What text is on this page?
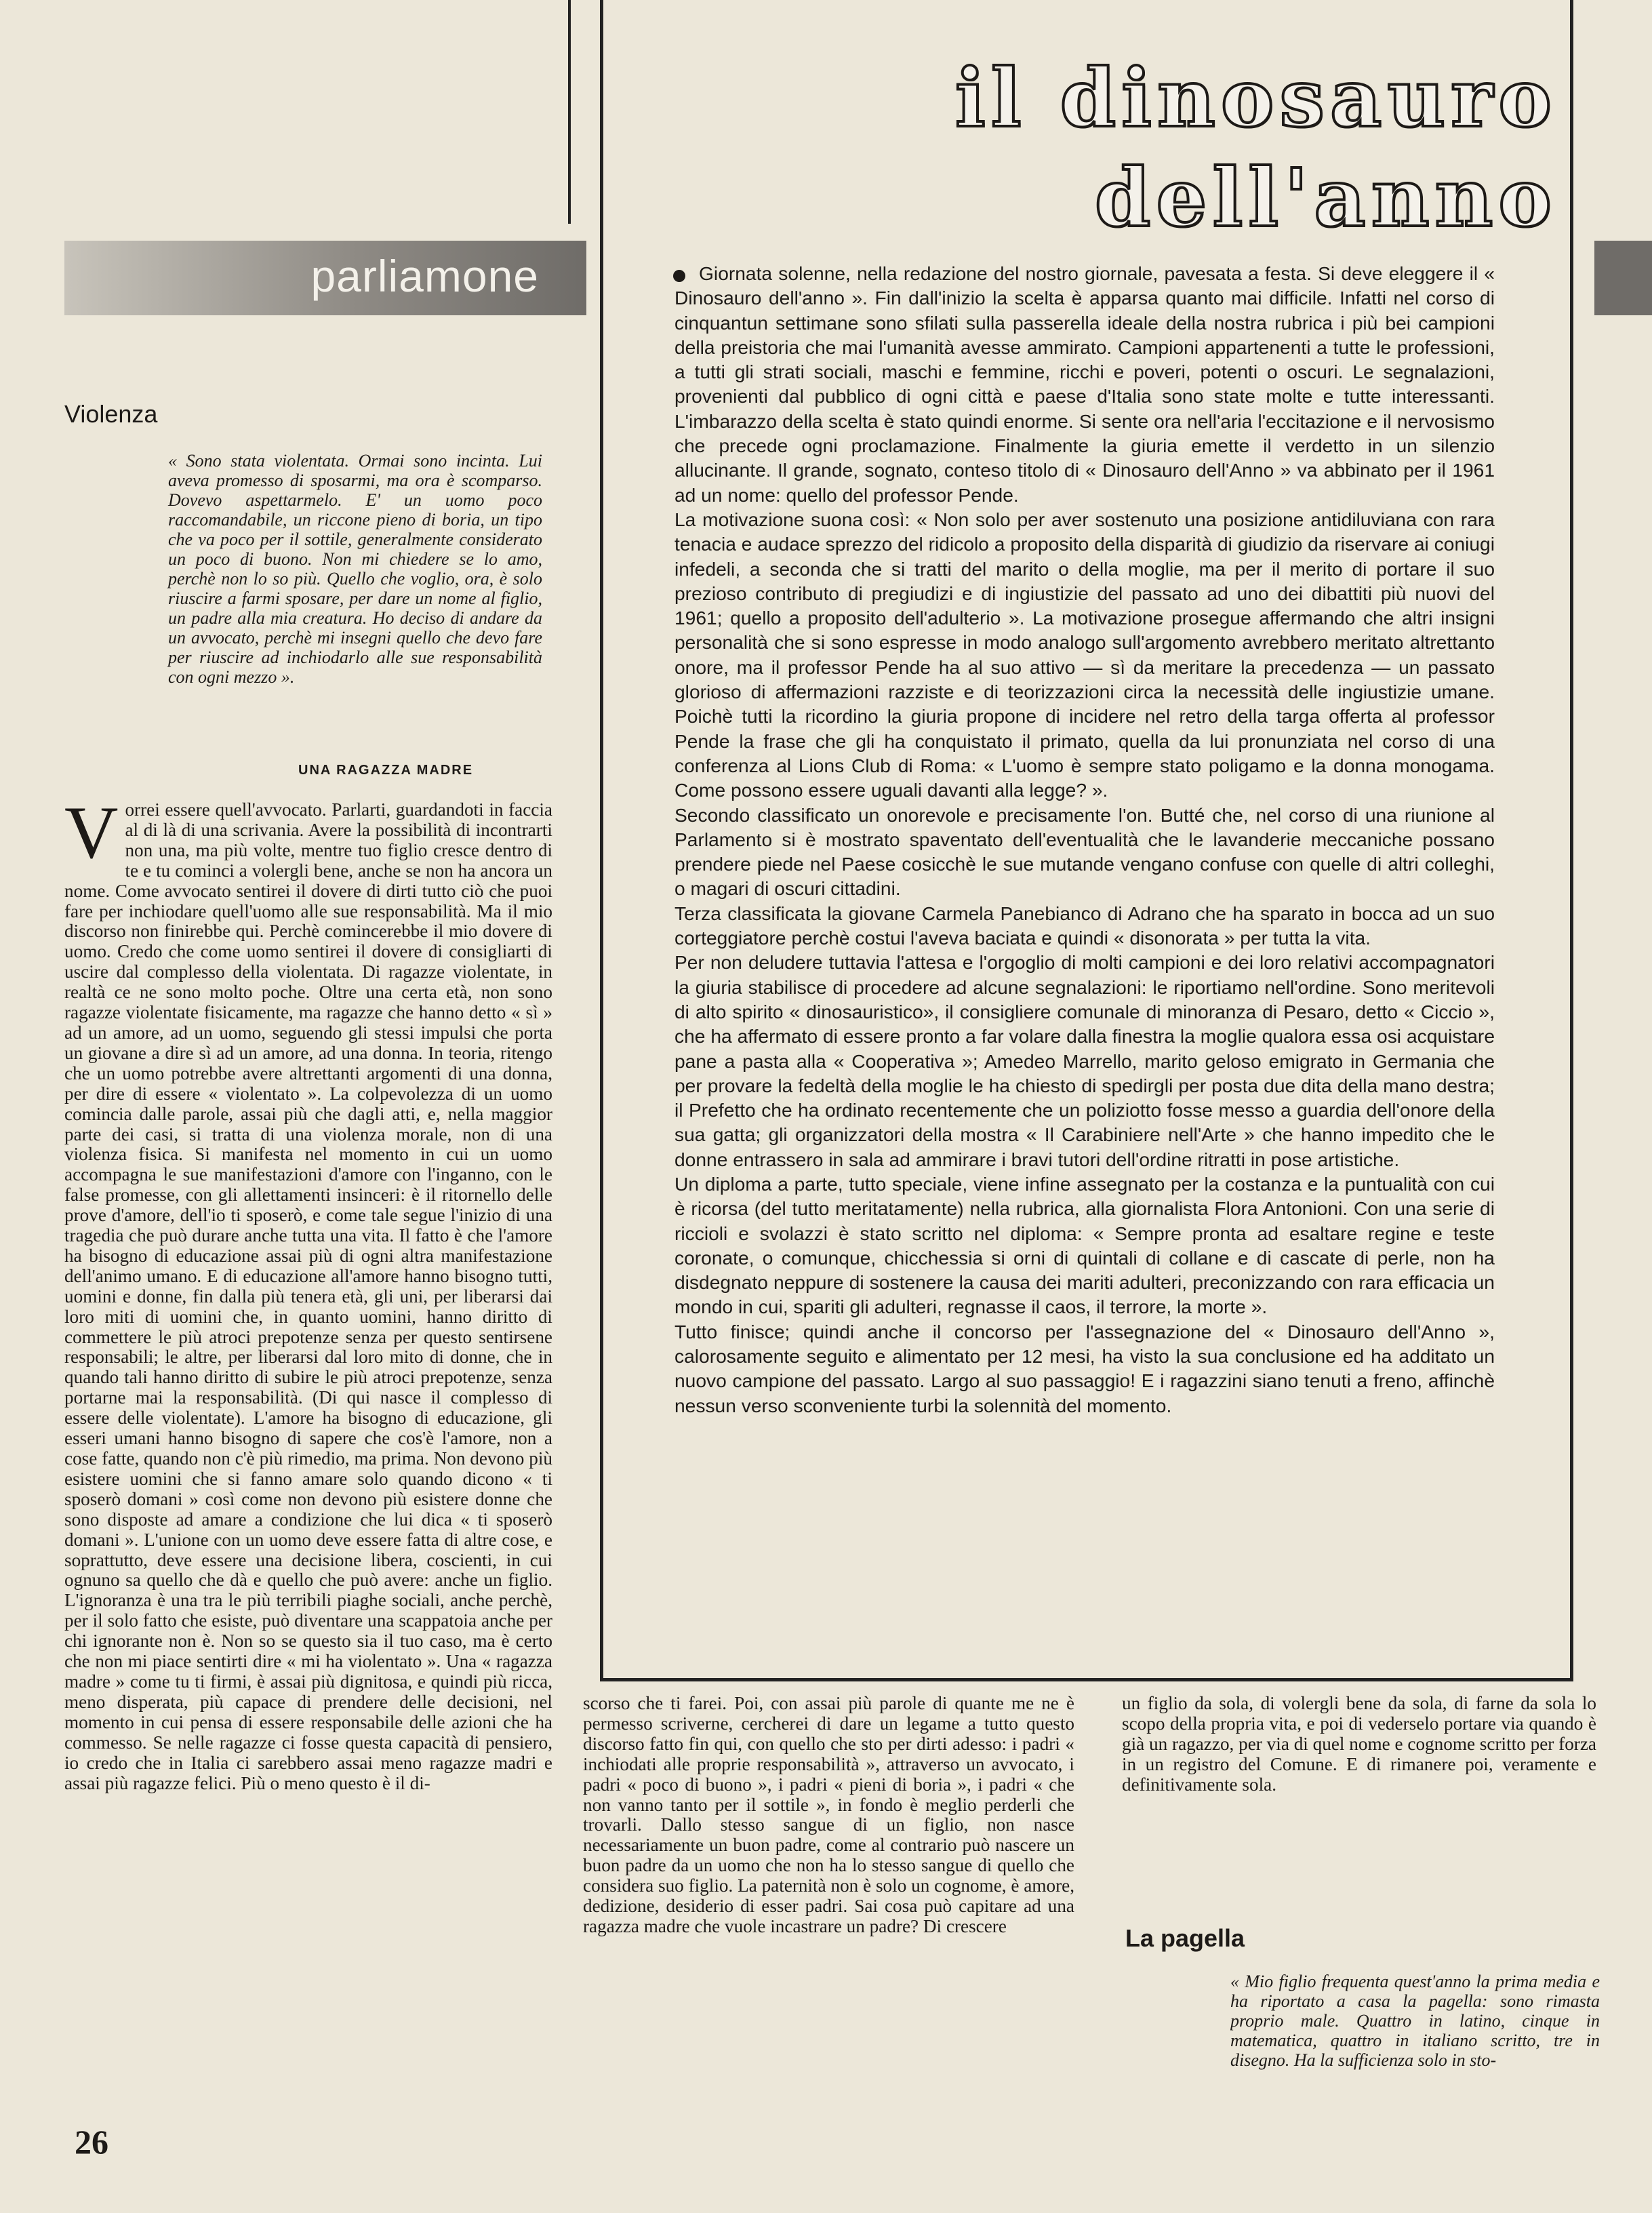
parliamone
Violenza

« Sono stata violentata. Ormai sono incinta. Lui aveva promesso di sposarmi, ma ora è scomparso. Dovevo aspettarmelo. E' un uomo poco raccomandabile, un riccone pieno di boria, un tipo che va poco per il sottile, generalmente considerato un poco di buono. Non mi chiedere se lo amo, perchè non lo so più. Quello che voglio, ora, è solo riuscire a farmi sposare, per dare un nome al figlio, un padre alla mia creatura. Ho deciso di andare da un avvocato, perchè mi insegni quello che devo fare per riuscire ad inchiodarlo alle sue responsabilità con ogni mezzo ».

UNA RAGAZZA MADRE

Vorrei essere quell'avvocato. Parlarti, guardandoti in faccia al di là di una scrivania. Avere la possibilità di incontrarti non una, ma più volte, mentre tuo figlio cresce dentro di te e tu cominci a volergli bene, anche se non ha ancora un nome. Come avvocato sentirei il dovere di dirti tutto ciò che puoi fare per inchiodare quell'uomo alle sue responsabilità. Ma il mio discorso non finirebbe qui. Perchè comincerebbe il mio dovere di uomo. Credo che come uomo sentirei il dovere di consigliarti di uscire dal complesso della violentata. Di ragazze violentate, in realtà ce ne sono molto poche. Oltre una certa età, non sono ragazze violentate fisicamente, ma ragazze che hanno detto « sì » ad un amore, ad un uomo, seguendo gli stessi impulsi che porta un giovane a dire sì ad un amore, ad una donna. In teoria, ritengo che un uomo potrebbe avere altrettanti argomenti di una donna, per dire di essere « violentato ». La colpevolezza di un uomo comincia dalle parole, assai più che dagli atti, e, nella maggior parte dei casi, si tratta di una violenza morale, non di una violenza fisica. Si manifesta nel momento in cui un uomo accompagna le sue manifestazioni d'amore con l'inganno, con le false promesse, con gli allettamenti insinceri: è il ritornello delle prove d'amore, dell'io ti sposerò, e come tale segue l'inizio di una tragedia che può durare anche tutta una vita. Il fatto è che l'amore ha bisogno di educazione assai più di ogni altra manifestazione dell'animo umano. E di educazione all'amore hanno bisogno tutti, uomini e donne, fin dalla più tenera età, gli uni, per liberarsi dai loro miti di uomini che, in quanto uomini, hanno diritto di commettere le più atroci prepotenze senza per questo sentirsene responsabili; le altre, per liberarsi dal loro mito di donne, che in quando tali hanno diritto di subire le più atroci prepotenze, senza portarne mai la responsabilità. (Di qui nasce il complesso di essere delle violentate). L'amore ha bisogno di educazione, gli esseri umani hanno bisogno di sapere che cos'è l'amore, non a cose fatte, quando non c'è più rimedio, ma prima. Non devono più esistere uomini che si fanno amare solo quando dicono « ti sposerò domani » così come non devono più esistere donne che sono disposte ad amare a condizione che lui dica « ti sposerò domani ». L'unione con un uomo deve essere fatta di altre cose, e soprattutto, deve essere una decisione libera, coscienti, in cui ognuno sa quello che dà e quello che può avere: anche un figlio. L'ignoranza è una tra le più terribili piaghe sociali, anche perchè, per il solo fatto che esiste, può diventare una scappatoia anche per chi ignorante non è. Non so se questo sia il tuo caso, ma è certo che non mi piace sentirti dire « mi ha violentato ». Una « ragazza madre » come tu ti firmi, è assai più dignitosa, e quindi più ricca, meno disperata, più capace di prendere delle decisioni, nel momento in cui pensa di essere responsabile delle azioni che ha commesso. Se nelle ragazze ci fosse questa capacità di pensiero, io credo che in Italia ci sarebbero assai meno ragazze madri e assai più ragazze felici. Più o meno questo è il di-

26
il dinosauro
dell'anno

Giornata solenne, nella redazione del nostro giornale, pavesata a festa. Si deve eleggere il « Dinosauro dell'anno ». Fin dall'inizio la scelta è apparsa quanto mai difficile. Infatti nel corso di cinquantun settimane sono sfilati sulla passerella ideale della nostra rubrica i più bei campioni della preistoria che mai l'umanità avesse ammirato. Campioni appartenenti a tutte le professioni, a tutti gli strati sociali, maschi e femmine, ricchi e poveri, potenti o oscuri. Le segnalazioni, provenienti dal pubblico di ogni città e paese d'Italia sono state molte e tutte interessanti. L'imbarazzo della scelta è stato quindi enorme. Si sente ora nell'aria l'eccitazione e il nervosismo che precede ogni proclamazione. Finalmente la giuria emette il verdetto in un silenzio allucinante. Il grande, sognato, conteso titolo di « Dinosauro dell'Anno » va abbinato per il 1961 ad un nome: quello del professor Pende.

La motivazione suona così: « Non solo per aver sostenuto una posizione antidiluviana con rara tenacia e audace sprezzo del ridicolo a proposito della disparità di giudizio da riservare ai coniugi infedeli, a seconda che si tratti del marito o della moglie, ma per il merito di portare il suo prezioso contributo di pregiudizi e di ingiustizie del passato ad uno dei dibattiti più nuovi del 1961; quello a proposito dell'adulterio ». La motivazione prosegue affermando che altri insigni personalità che si sono espresse in modo analogo sull'argomento avrebbero meritato altrettanto onore, ma il professor Pende ha al suo attivo — sì da meritare la precedenza — un passato glorioso di affermazioni razziste e di teorizzazioni circa la necessità delle ingiustizie umane. Poichè tutti la ricordino la giuria propone di incidere nel retro della targa offerta al professor Pende la frase che gli ha conquistato il primato, quella da lui pronunziata nel corso di una conferenza al Lions Club di Roma: « L'uomo è sempre stato poligamo e la donna monogama. Come possono essere uguali davanti alla legge? ».

Secondo classificato un onorevole e precisamente l'on. Butté che, nel corso di una riunione al Parlamento si è mostrato spaventato dell'eventualità che le lavanderie meccaniche possano prendere piede nel Paese cosicchè le sue mutande vengano confuse con quelle di altri colleghi, o magari di oscuri cittadini.

Terza classificata la giovane Carmela Panebianco di Adrano che ha sparato in bocca ad un suo corteggiatore perchè costui l'aveva baciata e quindi « disonorata » per tutta la vita.

Per non deludere tuttavia l'attesa e l'orgoglio di molti campioni e dei loro relativi accompagnatori la giuria stabilisce di procedere ad alcune segnalazioni: le riportiamo nell'ordine. Sono meritevoli di alto spirito « dinosauristico», il consigliere comunale di minoranza di Pesaro, detto « Ciccio », che ha affermato di essere pronto a far volare dalla finestra la moglie qualora essa osi acquistare pane a pasta alla « Cooperativa »; Amedeo Marrello, marito geloso emigrato in Germania che per provare la fedeltà della moglie le ha chiesto di spedirgli per posta due dita della mano destra; il Prefetto che ha ordinato recentemente che un poliziotto fosse messo a guardia dell'onore della sua gatta; gli organizzatori della mostra « Il Carabiniere nell'Arte » che hanno impedito che le donne entrassero in sala ad ammirare i bravi tutori dell'ordine ritratti in pose artistiche.

Un diploma a parte, tutto speciale, viene infine assegnato per la costanza e la puntualità con cui è ricorsa (del tutto meritatamente) nella rubrica, alla giornalista Flora Antonioni. Con una serie di riccioli e svolazzi è stato scritto nel diploma: « Sempre pronta ad esaltare regine e teste coronate, o comunque, chicchessia si orni di quintali di collane e di cascate di perle, non ha disdegnato neppure di sostenere la causa dei mariti adulteri, preconizzando con rara efficacia un mondo in cui, spariti gli adulteri, regnasse il caos, il terrore, la morte ».

Tutto finisce; quindi anche il concorso per l'assegnazione del « Dinosauro dell'Anno », calorosamente seguito e alimentato per 12 mesi, ha visto la sua conclusione ed ha additato un nuovo campione del passato. Largo al suo passaggio! E i ragazzini siano tenuti a freno, affinchè nessun verso sconveniente turbi la solennità del momento.

scorso che ti farei. Poi, con assai più parole di quante me ne è permesso scriverne, cercherei di dare un legame a tutto questo discorso fatto fin qui, con quello che sto per dirti adesso: i padri « inchiodati alle proprie responsabilità », attraverso un avvocato, i padri « poco di buono », i padri « pieni di boria », i padri « che non vanno tanto per il sottile », in fondo è meglio perderli che trovarli. Dallo stesso sangue di un figlio, non nasce necessariamente un buon padre, come al contrario può nascere un buon padre da un uomo che non ha lo stesso sangue di quello che considera suo figlio. La paternità non è solo un cognome, è amore, dedizione, desiderio di esser padri. Sai cosa può capitare ad una ragazza madre che vuole incastrare un padre? Di crescere

un figlio da sola, di volergli bene da sola, di farne da sola lo scopo della propria vita, e poi di vederselo portare via quando è già un ragazzo, per via di quel nome e cognome scritto per forza in un registro del Comune. E di rimanere poi, veramente e definitivamente sola.

La pagella

« Mio figlio frequenta quest'anno la prima media e ha riportato a casa la pagella: sono rimasta proprio male. Quattro in latino, cinque in matematica, quattro in italiano scritto, tre in disegno. Ha la sufficienza solo in sto-
